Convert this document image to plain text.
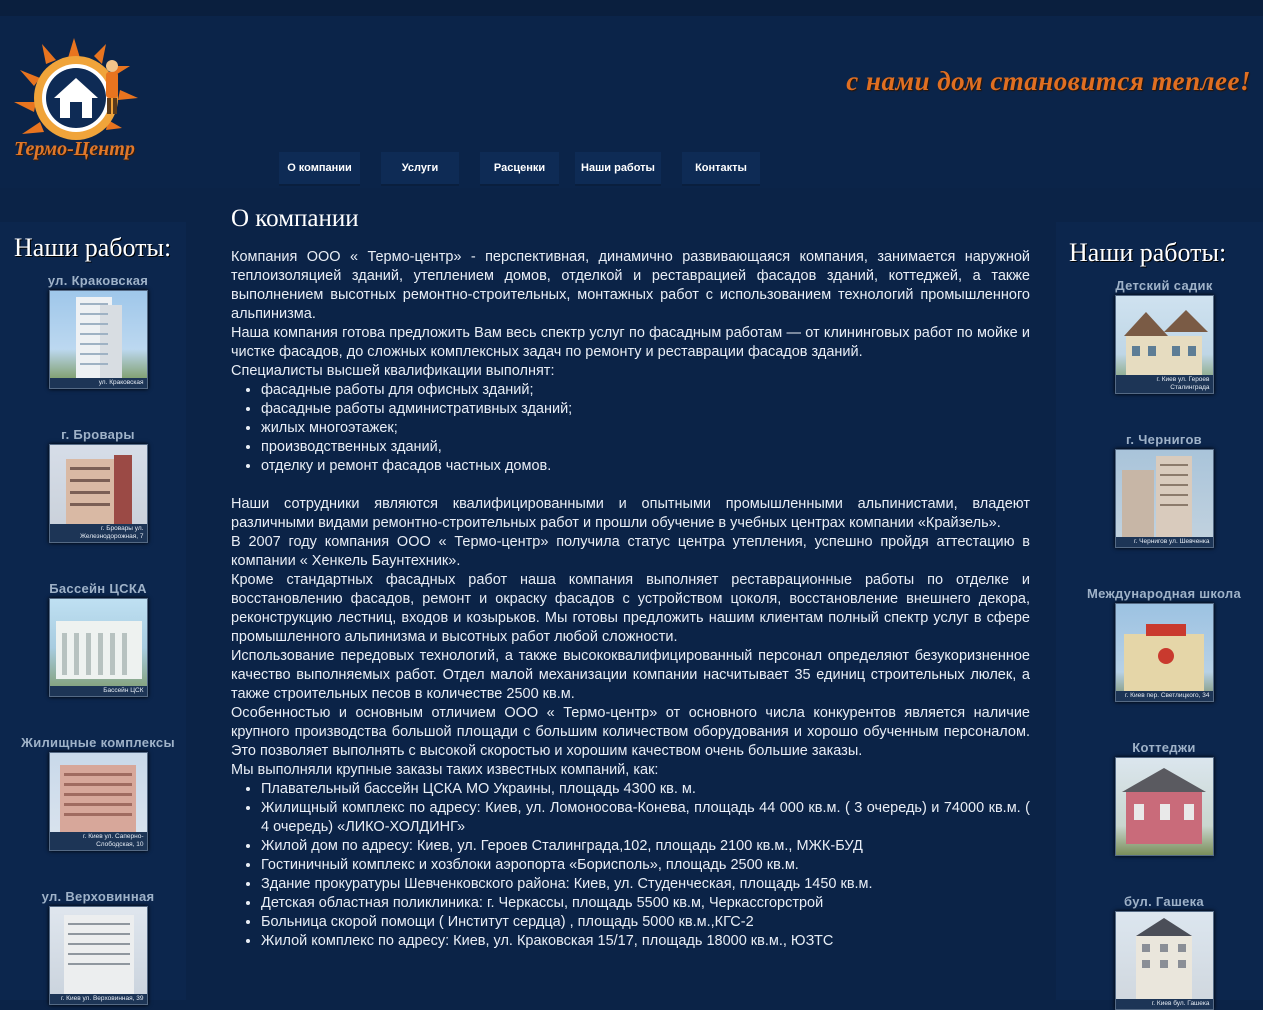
Термо-Центр
с нами дом становится теплее!
О компании	Услуги	Расценки	Наши работы	Контакты
Наши работы:
ул. Краковская
ул. Краковская
г. Бровары
г. Бровары ул. Железнодорожная, 7
Бассейн ЦСКА
Бассейн ЦСК
Жилищные комплексы
г. Киев ул. Саперно-Слободская, 10
ул. Верховинная
г. Киев ул. Верховинная, 39
Наши работы:
Детский садик
г. Киев ул. Героев Сталинграда
г. Чернигов
г. Чернигов ул. Шевченка
Международная школа
г. Киев пер. Светлицкого, 34
Коттеджи
бул. Гашека
г. Киев бул. Гашека
О компании

Компания ООО « Термо-центр» - перспективная, динамично развивающаяся компания, занимается наружной теплоизоляцией зданий, утеплением домов, отделкой и реставрацией фасадов зданий, коттеджей, а также выполнением высотных ремонтно-строительных, монтажных работ с использованием технологий промышленного альпинизма.

Наша компания готова предложить Вам весь спектр услуг по фасадным работам — от клининговых работ по мойке и чистке фасадов, до сложных комплексных задач по ремонту и реставрации фасадов зданий.

Специалисты высшей квалификации выполнят:

• фасадные работы для офисных зданий;
• фасадные работы административных зданий;
• жилых многоэтажек;
• производственных зданий,
• отделку и ремонт фасадов частных домов.

Наши сотрудники являются квалифицированными и опытными промышленными альпинистами, владеют различными видами ремонтно-строительных работ и прошли обучение в учебных центрах компании «Крайзель».

В 2007 году компания ООО « Термо-центр» получила статус центра утепления, успешно пройдя аттестацию в компании « Хенкель Баунтехник».

Кроме стандартных фасадных работ наша компания выполняет реставрационные работы по отделке и восстановлению фасадов, ремонт и окраску фасадов с устройством цоколя, восстановление внешнего декора, реконструкцию лестниц, входов и козырьков. Мы готовы предложить нашим клиентам полный спектр услуг в сфере промышленного альпинизма и высотных работ любой сложности.

Использование передовых технологий, а также высококвалифицированный персонал определяют безукоризненное качество выполняемых работ. Отдел малой механизации компании насчитывает 35 единиц строительных люлек, а также строительных песов в количестве 2500 кв.м.

Особенностью и основным отличием ООО « Термо-центр» от основного числа конкурентов является наличие крупного производства большой площади с большим количеством оборудования и хорошо обученным персоналом. Это позволяет выполнять с высокой скоростью и хорошим качеством очень большие заказы.

Мы выполняли крупные заказы таких известных компаний, как:

• Плавательный бассейн ЦСКА МО Украины, площадь 4300 кв. м.
• Жилищный комплекс по адресу: Киев, ул. Ломоносова-Конева, площадь 44 000 кв.м. ( 3 очередь) и 74000 кв.м. ( 4 очередь) «ЛИКО-ХОЛДИНГ»
• Жилой дом по адресу: Киев, ул. Героев Сталинграда,102, площадь 2100 кв.м., МЖК-БУД
• Гостиничный комплекс и хозблоки аэропорта «Борисполь», площадь 2500 кв.м.
• Здание прокуратуры Шевченковского района: Киев, ул. Студенческая, площадь 1450 кв.м.
• Детская областная поликлиника: г. Черкассы, площадь 5500 кв.м, Черкассгорстрой
• Больница скорой помощи ( Институт сердца) , площадь 5000 кв.м.,КГС-2
• Жилой комплекс по адресу: Киев, ул. Краковская 15/17, площадь 18000 кв.м., ЮЗТС
